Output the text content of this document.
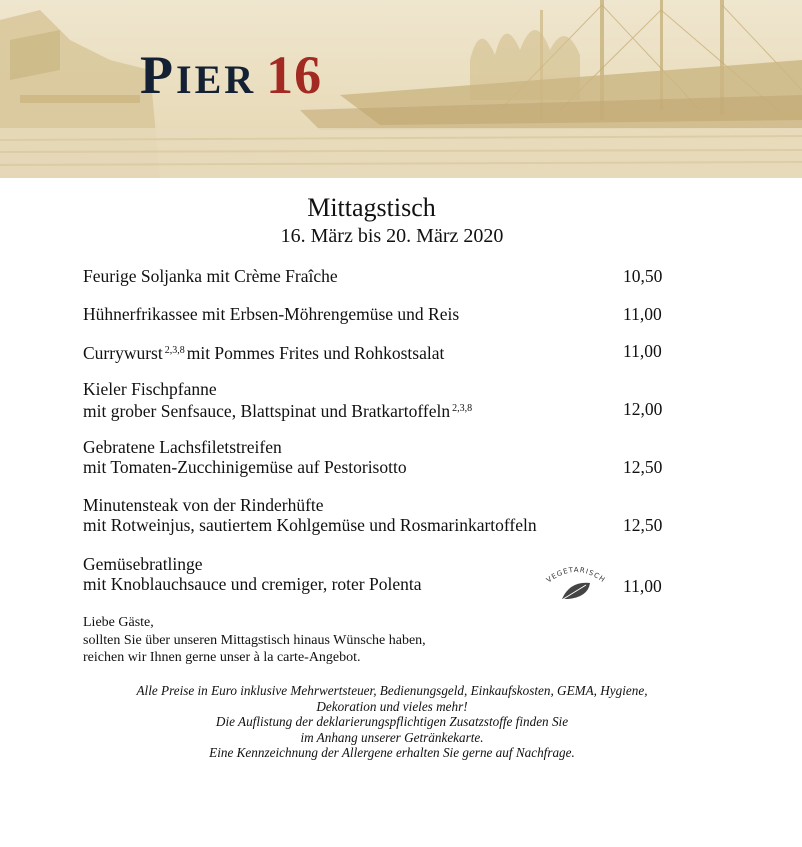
PIER 16
Mittagstisch
16. März bis 20. März 2020
Feurige Soljanka mit Crème Fraîche	10,50
Hühnerfrikassee mit Erbsen-Möhrengemüse und Reis	11,00
Currywurst $^{2,3,8}$ mit Pommes Frites und Rohkostsalat	11,00
Kieler Fischpfanne
mit grober Senfsauce, Blattspinat und Bratkartoffeln $^{2,3,8}$	12,00
Gebratene Lachsfiletstreifen
mit Tomaten-Zucchinigemüse auf Pestorisotto	12,50
Minutensteak von der Rinderhüfte
mit Rotweinjus, sautiertem Kohlgemüse und Rosmarinkartoffeln	12,50
Gemüsebratlinge
mit Knoblauchsauce und cremiger, roter Polenta	11,00
VEGETARISCH
Liebe Gäste,
sollten Sie über unseren Mittagstisch hinaus Wünsche haben,
reichen wir Ihnen gerne unser à la carte-Angebot.
Alle Preise in Euro inklusive Mehrwertsteuer, Bedienungsgeld, Einkaufskosten, GEMA, Hygiene,
Dekoration und vieles mehr!
Die Auflistung der deklarierungspflichtigen Zusatzstoffe finden Sie
im Anhang unserer Getränkekarte.
Eine Kennzeichnung der Allergene erhalten Sie gerne auf Nachfrage.
